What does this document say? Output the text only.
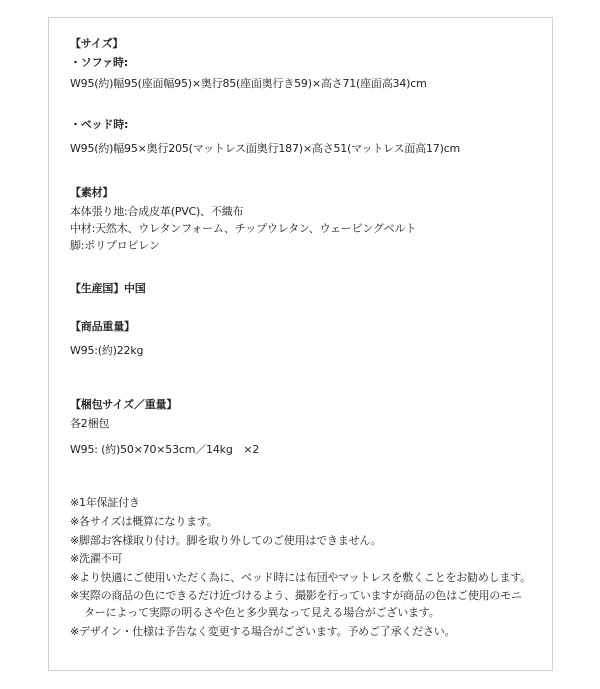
【サイズ】
・ソファ時:
W95(約)幅95(座面幅95)×奥行85(座面奥行き59)×高さ71(座面高34)cm
・ベッド時:
W95(約)幅95×奥行205(マットレス面奥行187)×高さ51(マットレス面高17)cm
【素材】
本体張り地:合成皮革(PVC)、不織布
中材:天然木、ウレタンフォーム、チップウレタン、ウェービングベルト
脚:ポリプロピレン
【生産国】中国
【商品重量】
W95:(約)22kg
【梱包サイズ／重量】
各2梱包
W95: (約)50×70×53cm／14kg　×2
※1年保証付き
※各サイズは概算になります。
※脚部お客様取り付け。脚を取り外してのご使用はできません。
※洗濯不可
※より快適にご使用いただく為に、ベッド時には布団やマットレスを敷くことをお勧めします。
※実際の商品の色にできるだけ近づけるよう、撮影を行っていますが商品の色はご使用のモニ
ターによって実際の明るさや色と多少異なって見える場合がございます。
※デザイン・仕様は予告なく変更する場合がございます。予めご了承ください。
